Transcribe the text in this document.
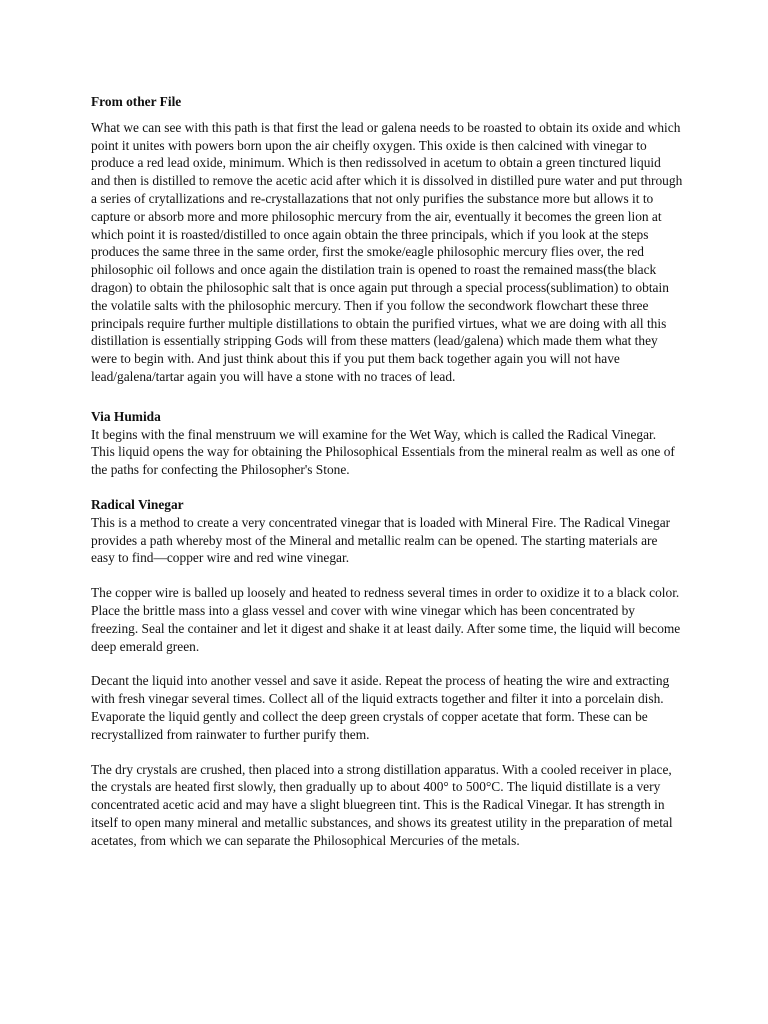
From other File

What we can see with this path is that first the lead or galena needs to be roasted to obtain its oxide and which point it unites with powers born upon the air cheifly oxygen. This oxide is then calcined with vinegar to produce a red lead oxide, minimum. Which is then redissolved in acetum to obtain a green tinctured liquid and then is distilled to remove the acetic acid after which it is dissolved in distilled pure water and put through a series of crytallizations and re-crystallazations that not only purifies the substance more but allows it to capture or absorb more and more philosophic mercury from the air, eventually it becomes the green lion at which point it is roasted/distilled to once again obtain the three principals, which if you look at the steps produces the same three in the same order, first the smoke/eagle philosophic mercury flies over, the red philosophic oil follows and once again the distilation train is opened to roast the remained mass(the black dragon) to obtain the philosophic salt that is once again put through a special process(sublimation) to obtain the volatile salts with the philosophic mercury. Then if you follow the secondwork flowchart these three principals require further multiple distillations to obtain the purified virtues, what we are doing with all this distillation is essentially stripping Gods will from these matters (lead/galena) which made them what they were to begin with. And just think about this if you put them back together again you will not have lead/galena/tartar again you will have a stone with no traces of lead.

Via Humida

It begins with the final menstruum we will examine for the Wet Way, which is called the Radical Vinegar. This liquid opens the way for obtaining the Philosophical Essentials from the mineral realm as well as one of the paths for confecting the Philosopher's Stone.

Radical Vinegar

This is a method to create a very concentrated vinegar that is loaded with Mineral Fire. The Radical Vinegar provides a path whereby most of the Mineral and metallic realm can be opened. The starting materials are easy to find—copper wire and red wine vinegar.

The copper wire is balled up loosely and heated to redness several times in order to oxidize it to a black color. Place the brittle mass into a glass vessel and cover with wine vinegar which has been concentrated by freezing. Seal the container and let it digest and shake it at least daily. After some time, the liquid will become deep emerald green.

Decant the liquid into another vessel and save it aside. Repeat the process of heating the wire and extracting with fresh vinegar several times. Collect all of the liquid extracts together and filter it into a porcelain dish. Evaporate the liquid gently and collect the deep green crystals of copper acetate that form. These can be recrystallized from rainwater to further purify them.

The dry crystals are crushed, then placed into a strong distillation apparatus. With a cooled receiver in place, the crystals are heated first slowly, then gradually up to about 400° to 500°C. The liquid distillate is a very concentrated acetic acid and may have a slight bluegreen tint. This is the Radical Vinegar. It has strength in itself to open many mineral and metallic substances, and shows its greatest utility in the preparation of metal acetates, from which we can separate the Philosophical Mercuries of the metals.
